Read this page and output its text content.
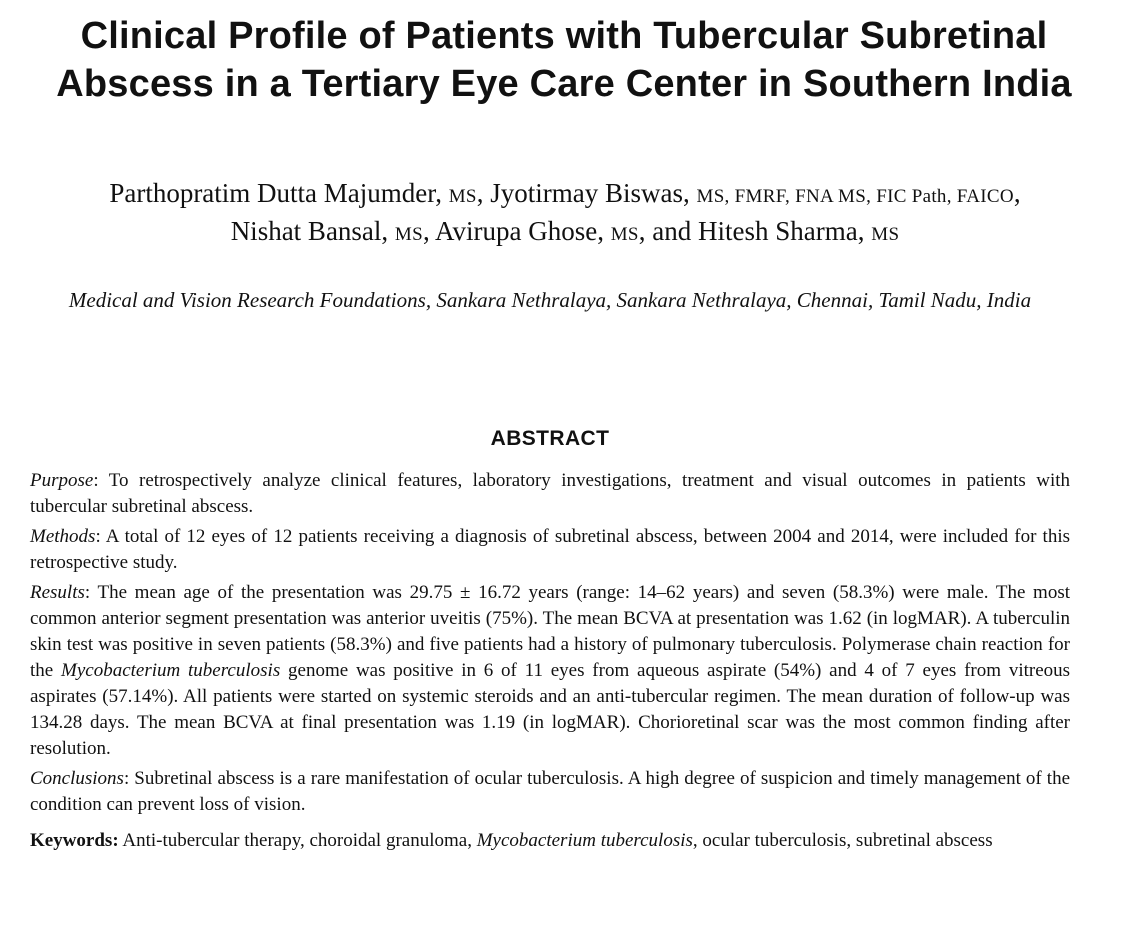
Clinical Profile of Patients with Tubercular Subretinal Abscess in a Tertiary Eye Care Center in Southern India
Parthopratim Dutta Majumder, MS, Jyotirmay Biswas, MS, FMRF, FNA MS, FIC Path, FAICO,
Nishat Bansal, MS, Avirupa Ghose, MS, and Hitesh Sharma, MS

Medical and Vision Research Foundations, Sankara Nethralaya, Sankara Nethralaya, Chennai, Tamil Nadu, India

ABSTRACT

Purpose: To retrospectively analyze clinical features, laboratory investigations, treatment and visual outcomes in patients with tubercular subretinal abscess.

Methods: A total of 12 eyes of 12 patients receiving a diagnosis of subretinal abscess, between 2004 and 2014, were included for this retrospective study.

Results: The mean age of the presentation was 29.75 ± 16.72 years (range: 14–62 years) and seven (58.3%) were male. The most common anterior segment presentation was anterior uveitis (75%). The mean BCVA at presentation was 1.62 (in logMAR). A tuberculin skin test was positive in seven patients (58.3%) and five patients had a history of pulmonary tuberculosis. Polymerase chain reaction for the Mycobacterium tuberculosis genome was positive in 6 of 11 eyes from aqueous aspirate (54%) and 4 of 7 eyes from vitreous aspirates (57.14%). All patients were started on systemic steroids and an anti-tubercular regimen. The mean duration of follow-up was 134.28 days. The mean BCVA at final presentation was 1.19 (in logMAR). Chorioretinal scar was the most common finding after resolution.

Conclusions: Subretinal abscess is a rare manifestation of ocular tuberculosis. A high degree of suspicion and timely management of the condition can prevent loss of vision.

Keywords: Anti-tubercular therapy, choroidal granuloma, Mycobacterium tuberculosis, ocular tuberculosis, subretinal abscess
